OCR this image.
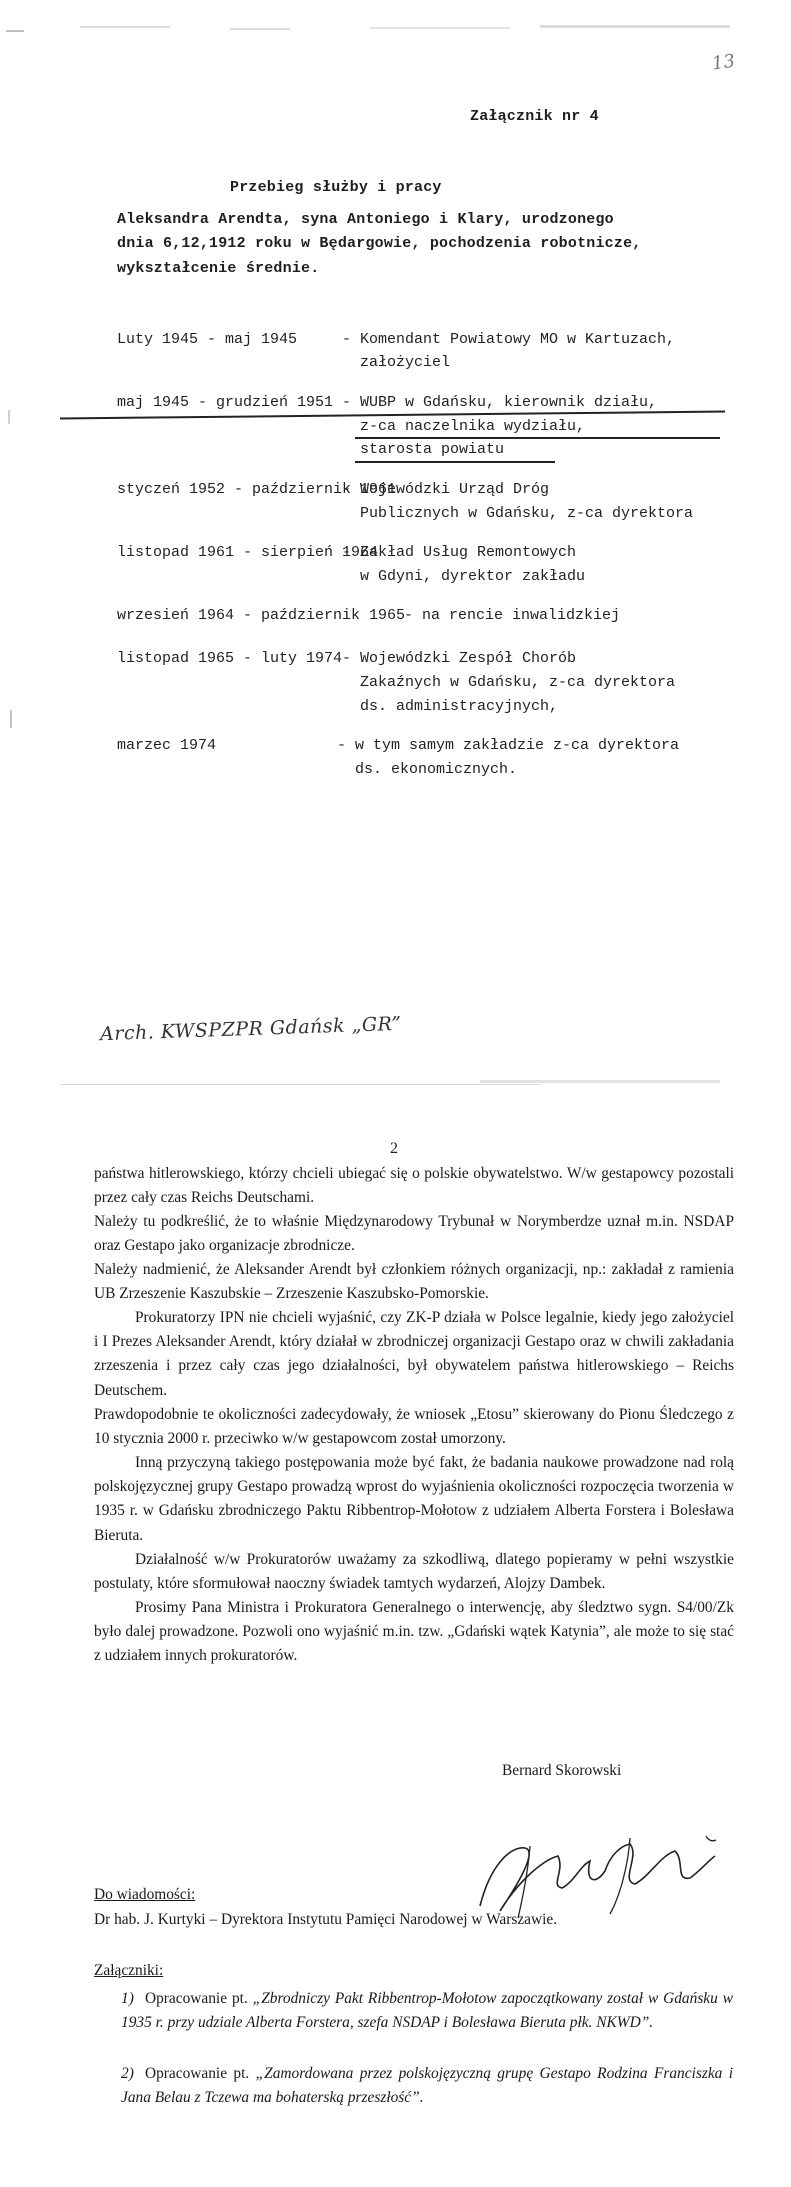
13
Załącznik nr 4
Przebieg służby i pracy
Aleksandra Arendta, syna Antoniego i Klary, urodzonego
dnia 6,12,1912 roku w Będargowie, pochodzenia robotnicze,
wykształcenie średnie.
Luty 1945 - maj 1945	- Komendant Powiatowy MO w Kartuzach,
założyciel
maj 1945 - grudzień 1951 - WUBP w Gdańsku, kierownik działu,
z-ca naczelnika wydziału,
starosta powiatu
styczeń 1952 - październik 1961
- Wojewódzki Urząd Dróg
Publicznych w Gdańsku, z-ca dyrektora
listopad 1961 - sierpień 1964
- Zakład Usług Remontowych
w Gdyni, dyrektor zakładu
wrzesień 1964 - październik 1965
- na rencie inwalidzkiej
listopad 1965 - luty 1974 - Wojewódzki Zespół Chorób
Zakaźnych w Gdańsku, z-ca dyrektora
ds. administracyjnych,
marzec 1974	- w tym samym zakładzie z-ca dyrektora
ds. ekonomicznych.
Arch. KWSPZPR Gdańsk „GR”
2
państwa hitlerowskiego, którzy chcieli ubiegać się o polskie obywatelstwo. W/w gestapowcy pozostali przez cały czas Reichs Deutschami.
Należy tu podkreślić, że to właśnie Międzynarodowy Trybunał w Norymberdze uznał m.in. NSDAP oraz Gestapo jako organizacje zbrodnicze.
Należy nadmienić, że Aleksander Arendt był członkiem różnych organizacji, np.: zakładał z ramienia UB Zrzeszenie Kaszubskie – Zrzeszenie Kaszubsko-Pomorskie.
Prokuratorzy IPN nie chcieli wyjaśnić, czy ZK-P działa w Polsce legalnie, kiedy jego założyciel i I Prezes Aleksander Arendt, który działał w zbrodniczej organizacji Gestapo oraz w chwili zakładania zrzeszenia i przez cały czas jego działalności, był obywatelem państwa hitlerowskiego – Reichs Deutschem.
Prawdopodobnie te okoliczności zadecydowały, że wniosek „Etosu” skierowany do Pionu Śledczego z 10 stycznia 2000 r. przeciwko w/w gestapowcom został umorzony.
Inną przyczyną takiego postępowania może być fakt, że badania naukowe prowadzone nad rolą polskojęzycznej grupy Gestapo prowadzą wprost do wyjaśnienia okoliczności rozpoczęcia tworzenia w 1935 r. w Gdańsku zbrodniczego Paktu Ribbentrop-Mołotow z udziałem Alberta Forstera i Bolesława Bieruta.
Działalność w/w Prokuratorów uważamy za szkodliwą, dlatego popieramy w pełni wszystkie postulaty, które sformułował naoczny świadek tamtych wydarzeń, Alojzy Dambek.
Prosimy Pana Ministra i Prokuratora Generalnego o interwencję, aby śledztwo sygn. S4/00/Zk było dalej prowadzone. Pozwoli ono wyjaśnić m.in. tzw. „Gdański wątek Katynia”, ale może to się stać z udziałem innych prokuratorów.
Bernard Skorowski
Do wiadomości:
Dr hab. J. Kurtyki – Dyrektora Instytutu Pamięci Narodowej w Warszawie.
Załączniki:
1) Opracowanie pt. „Zbrodniczy Pakt Ribbentrop-Mołotow zapoczątkowany został w Gdańsku w 1935 r. przy udziale Alberta Forstera, szefa NSDAP i Bolesława Bieruta płk. NKWD”.
2) Opracowanie pt. „Zamordowana przez polskojęzyczną grupę Gestapo Rodzina Franciszka i Jana Belau z Tczewa ma bohaterską przeszłość”.
